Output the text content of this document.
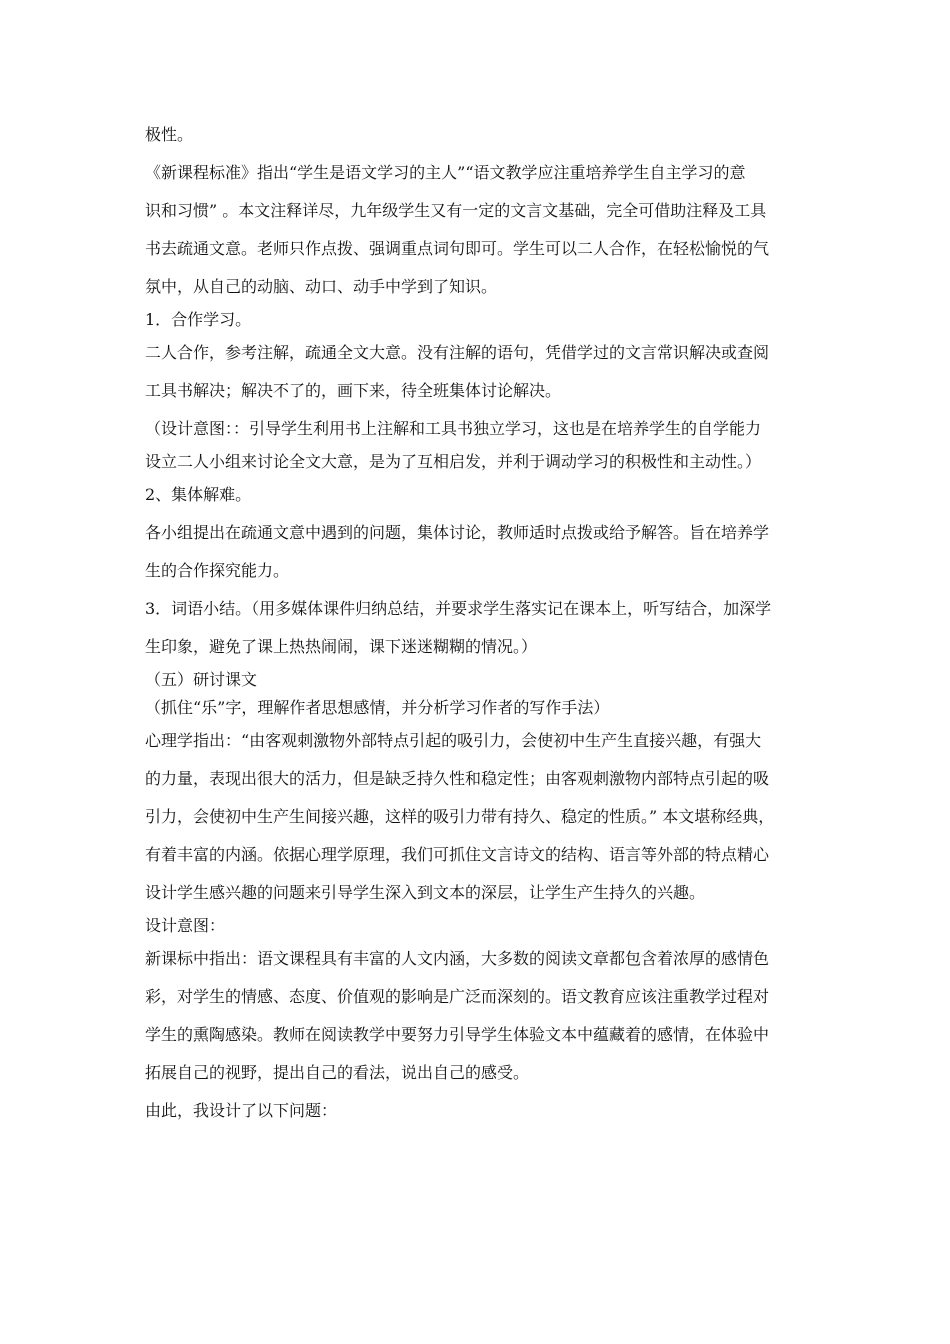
极性。
《新课程标准》指出“学生是语文学习的主人”“语文教学应注重培养学生自主学习的意
识和习惯” 。本文注释详尽，九年级学生又有一定的文言文基础，完全可借助注释及工具
书去疏通文意。老师只作点拨、强调重点词句即可。学生可以二人合作，在轻松愉悦的气
氛中，从自己的动脑、动口、动手中学到了知识。
1．合作学习。
二人合作，参考注解，疏通全文大意。没有注解的语句，凭借学过的文言常识解决或查阅
工具书解决；解决不了的，画下来，待全班集体讨论解决。
（设计意图：：引导学生利用书上注解和工具书独立学习，这也是在培养学生的自学能力
设立二人小组来讨论全文大意，是为了互相启发，并利于调动学习的积极性和主动性。）
2、集体解难。
各小组提出在疏通文意中遇到的问题，集体讨论，教师适时点拨或给予解答。旨在培养学
生的合作探究能力。
3．词语小结。（用多媒体课件归纳总结，并要求学生落实记在课本上，听写结合，加深学
生印象，避免了课上热热闹闹，课下迷迷糊糊的情况。）
（五）研讨课文
（抓住“乐”字，理解作者思想感情，并分析学习作者的写作手法）
心理学指出：“由客观刺激物外部特点引起的吸引力，会使初中生产生直接兴趣，有强大
的力量，表现出很大的活力，但是缺乏持久性和稳定性；由客观刺激物内部特点引起的吸
引力，会使初中生产生间接兴趣，这样的吸引力带有持久、稳定的性质。” 本文堪称经典，
有着丰富的内涵。依据心理学原理，我们可抓住文言诗文的结构、语言等外部的特点精心
设计学生感兴趣的问题来引导学生深入到文本的深层，让学生产生持久的兴趣。
设计意图：
新课标中指出：语文课程具有丰富的人文内涵，大多数的阅读文章都包含着浓厚的感情色
彩，对学生的情感、态度、价值观的影响是广泛而深刻的。语文教育应该注重教学过程对
学生的熏陶感染。教师在阅读教学中要努力引导学生体验文本中蕴藏着的感情，在体验中
拓展自己的视野，提出自己的看法，说出自己的感受。
由此，我设计了以下问题：
